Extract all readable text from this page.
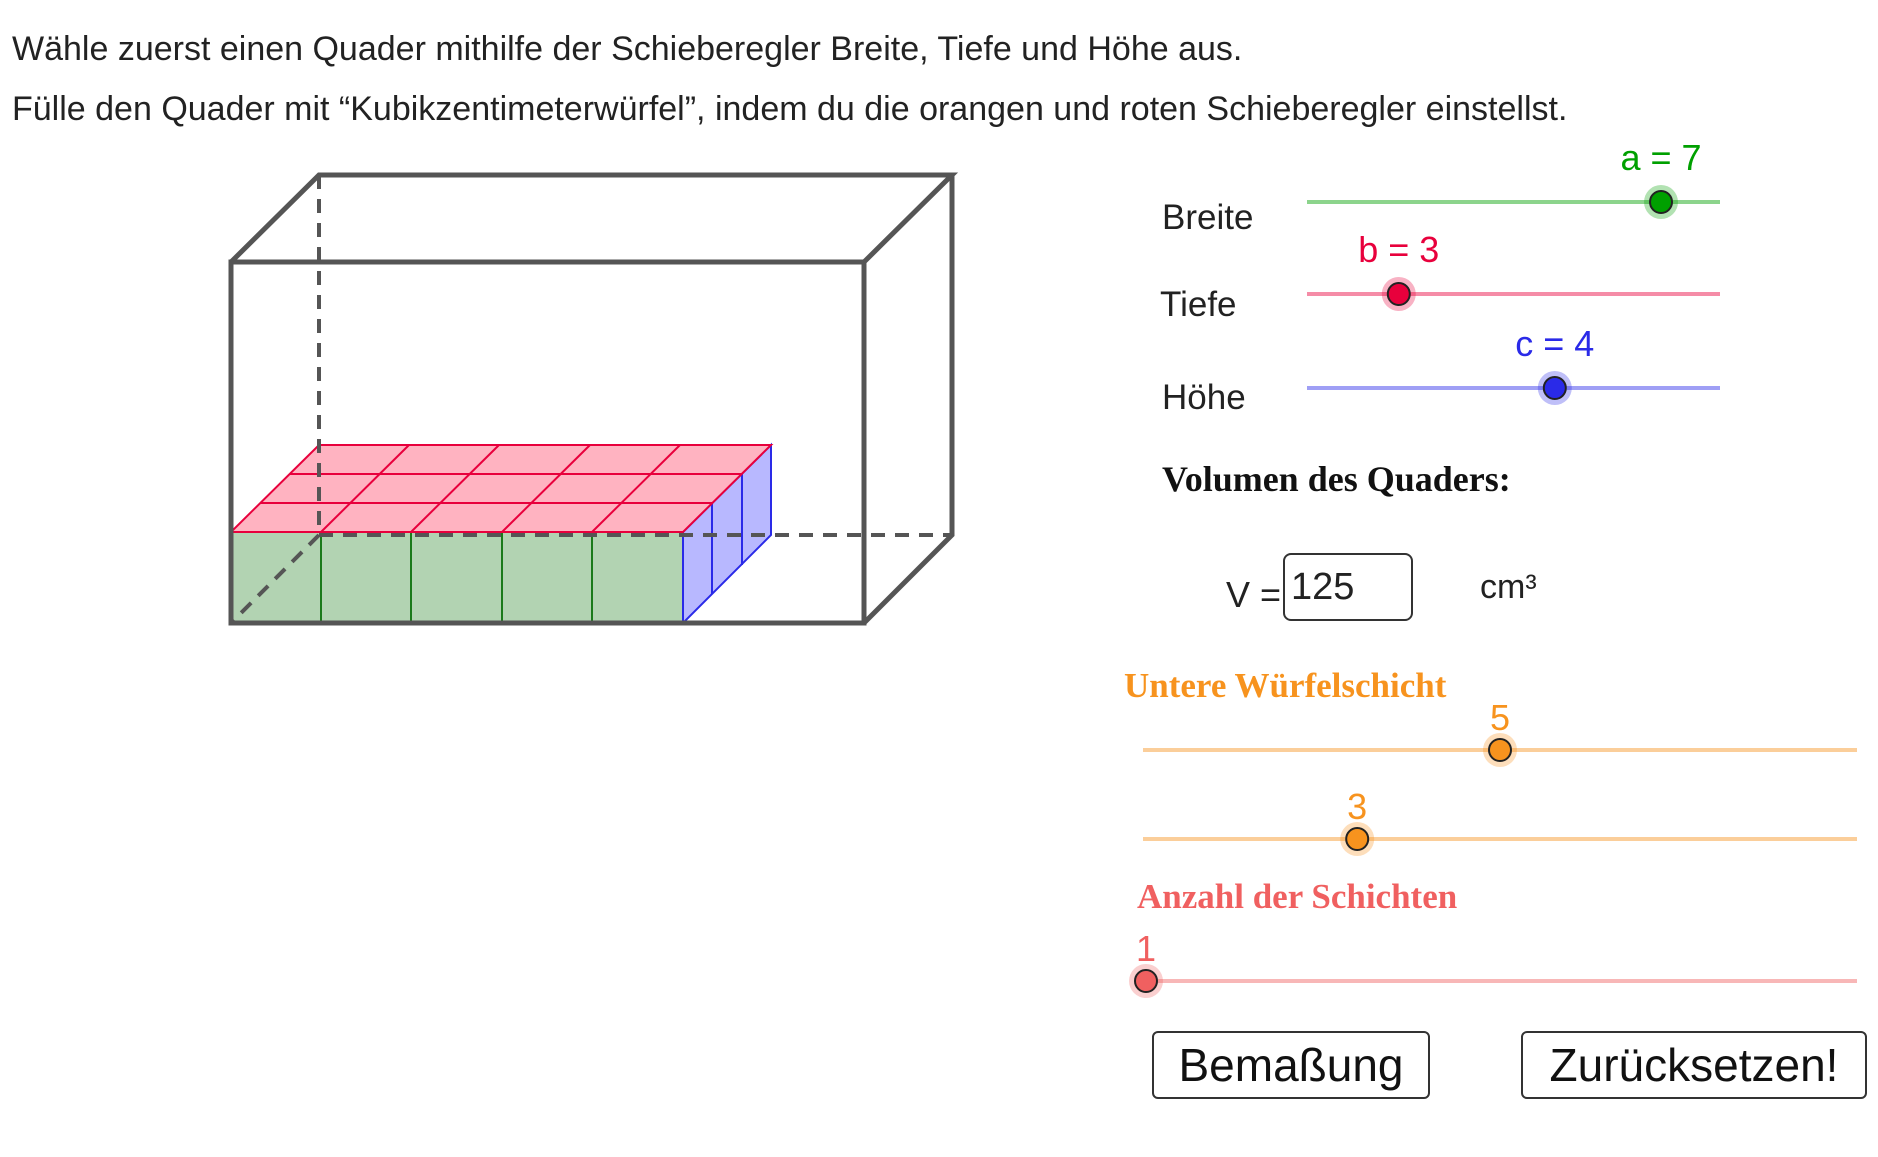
Wähle zuerst einen Quader mithilfe der Schieberegler Breite, Tiefe und Höhe aus.
Fülle den Quader mit “Kubikzentimeterwürfel”, indem du die orangen und roten Schieberegler einstellst.
a = 7
b = 3
c = 4
5
3
1
Breite
Tiefe
Höhe
Volumen des Quaders:
V =
125	cm³
Untere Würfelschicht
Anzahl der Schichten
Bemaßung	Zurücksetzen!
